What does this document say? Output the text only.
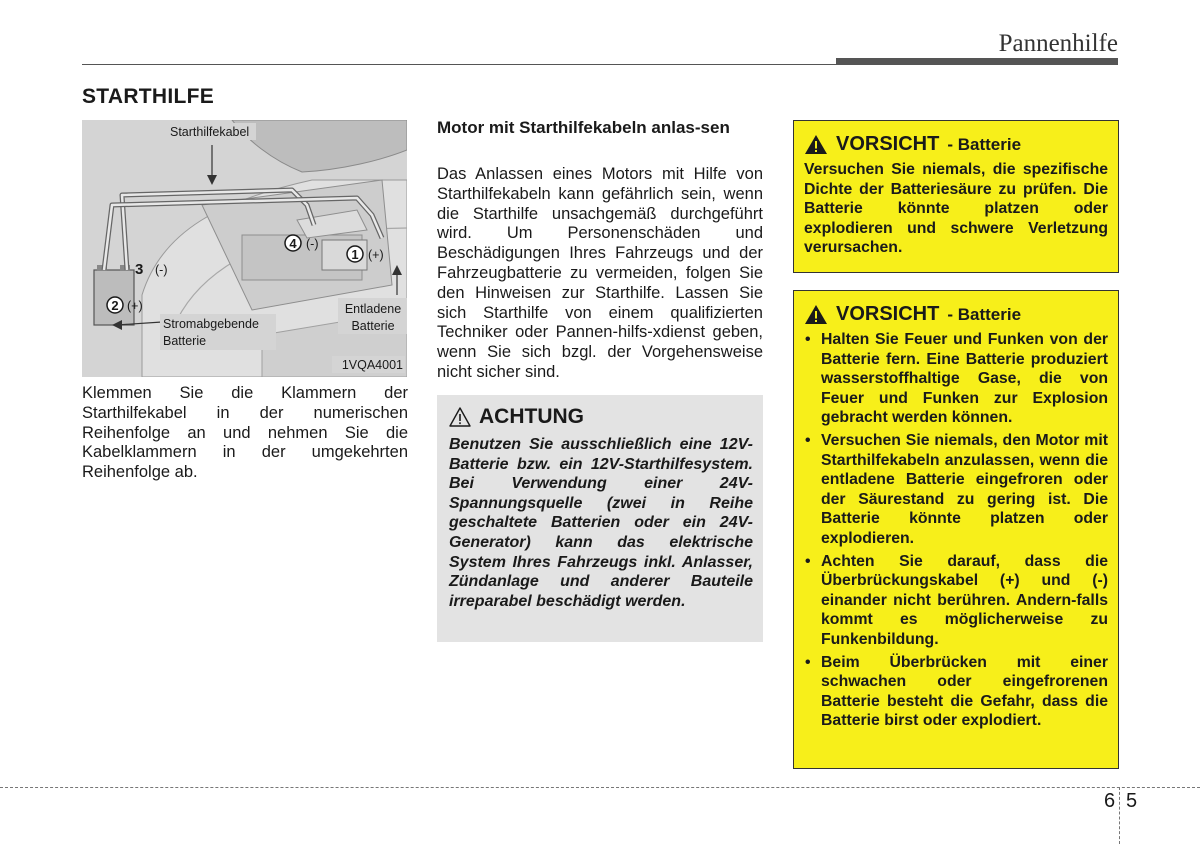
Pannenhilfe
STARTHILFE
1 (+)
2 (+)
3 (-)
4 (-)
Starthilfekabel
Entladene
Batterie
Stromabgebende
Batterie
1VQA4001
Klemmen Sie die Klammern der Starthilfekabel in der numerischen Reihenfolge an und nehmen Sie die Kabelklammern in der umgekehrten Reihenfolge ab.
Motor mit Starthilfekabeln anlas-sen
Das Anlassen eines Motors mit Hilfe von Starthilfekabeln kann gefährlich sein, wenn die Starthilfe unsachgemäß durchgeführt wird. Um Personenschäden und Beschädigungen Ihres Fahrzeugs und der Fahrzeugbatterie zu vermeiden, folgen Sie den Hinweisen zur Starthilfe. Lassen Sie sich Starthilfe von einem qualifizierten Techniker oder Pannen-hilfs-xdienst geben, wenn Sie sich bzgl. der Vorgehensweise nicht sicher sind.
ACHTUNG
Benutzen Sie ausschließlich eine 12V-Batterie bzw. ein 12V-Starthilfesystem. Bei Verwendung einer 24V-Spannungsquelle (zwei in Reihe geschaltete Batterien oder ein 24V-Generator) kann das elektrische System Ihres Fahrzeugs inkl. Anlasser, Zündanlage und anderer Bauteile irreparabel beschädigt werden.
VORSICHT - Batterie
Versuchen Sie niemals, die spezifische Dichte der Batteriesäure zu prüfen. Die Batterie könnte platzen oder explodieren und schwere Verletzung verursachen.
VORSICHT - Batterie
• Halten Sie Feuer und Funken von der Batterie fern. Eine Batterie produziert wasserstoffhaltige Gase, die von Feuer und Funken zur Explosion gebracht werden können.
• Versuchen Sie niemals, den Motor mit Starthilfekabeln anzulassen, wenn die entladene Batterie eingefroren oder der Säurestand zu gering ist. Die Batterie könnte platzen oder explodieren.
• Achten Sie darauf, dass die Überbrückungskabel (+) und (-) einander nicht berühren. Andern-falls kommt es möglicherweise zu Funkenbildung.
• Beim Überbrücken mit einer schwachen oder eingefrorenen Batterie besteht die Gefahr, dass die Batterie birst oder explodiert.
6 5
